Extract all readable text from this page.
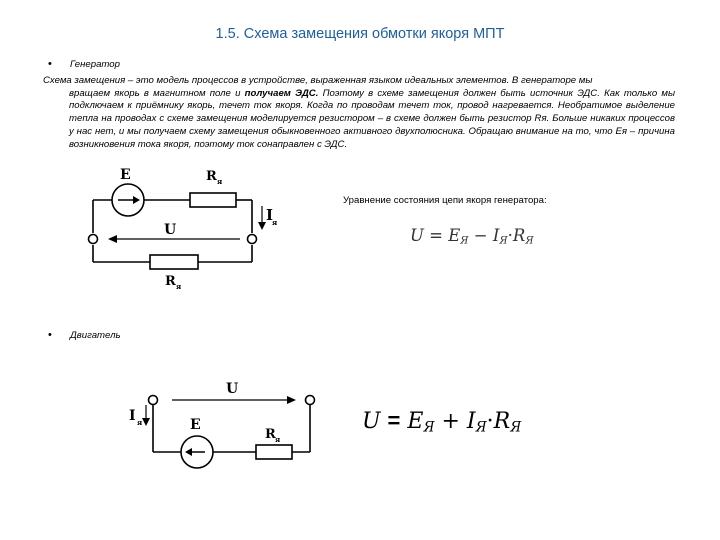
1.5. Схема замещения обмотки якоря МПТ
• Генератор
Схема замещения – это модель процессов в устройстве, выраженная языком идеальных элементов. В генераторе мы
вращаем якорь в магнитном поле и получаем ЭДС. Поэтому в схеме замещения должен быть источник ЭДС. Как только мы подключаем к приёмнику якорь, течет ток якоря. Когда по проводам течет ток, провод нагревается. Необратимое выделение тепла на проводах с схеме замещения моделируется резистором – в схеме должен быть резистор Rя. Больше никаких процессов у нас нет, и мы получаем схему замещения обыкновенного активного двухполюсника. Обращаю внимание на то, что Ея – причина возникновения тока якоря, поэтому ток сонаправлен с ЭДС.
E	R я
I
я
U
R я
Уравнение состояния цепи якоря генератора:
$U = E_Я - I_Я\cdot R_Я$
• Двигатель
U
I я	E
R я
$U = E_Я + I_Я\cdot R_Я$
